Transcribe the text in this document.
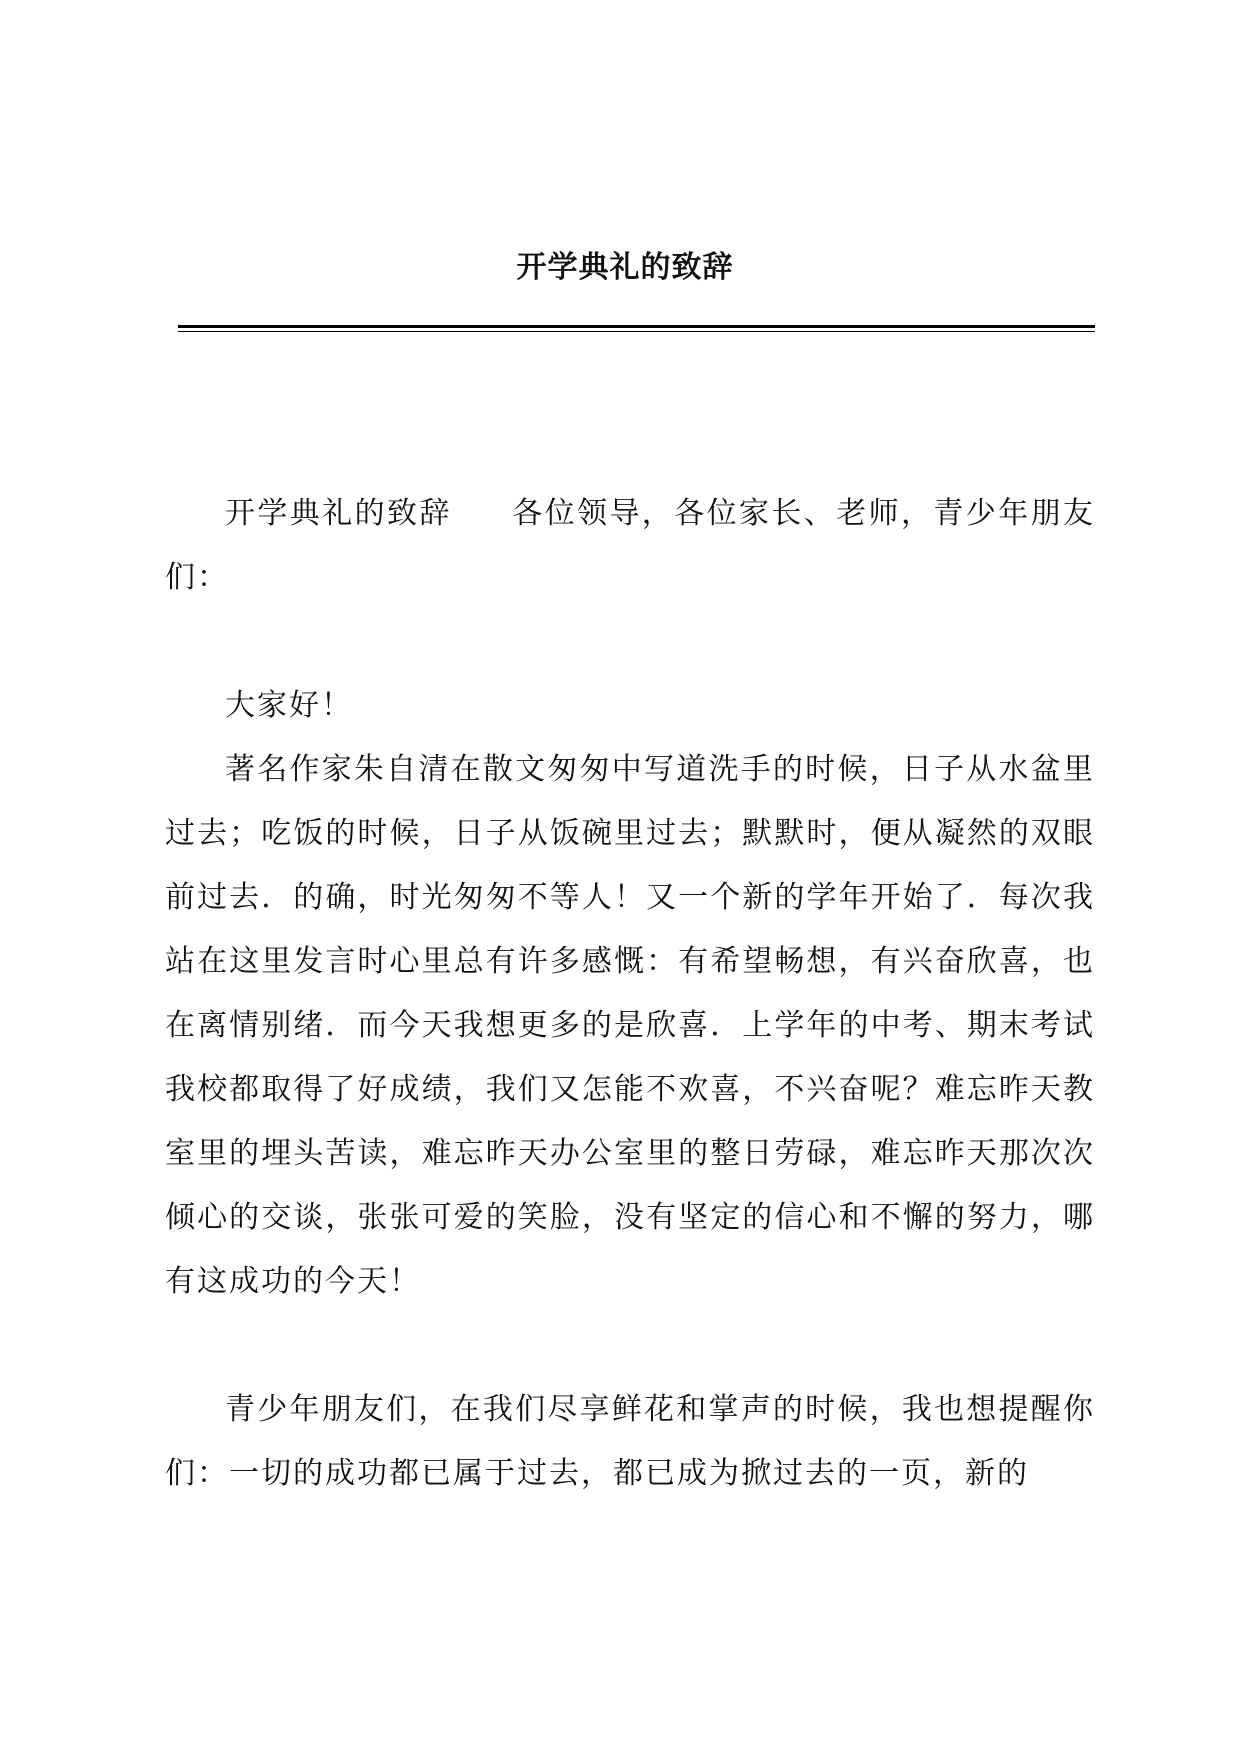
开学典礼的致辞

开学典礼的致辞 各位领导，各位家长、老师，青少年朋友们：

大家好！

著名作家朱自清在散文匆匆中写道洗手的时候，日子从水盆里过去；吃饭的时候，日子从饭碗里过去；默默时，便从凝然的双眼前过去．的确，时光匆匆不等人！又一个新的学年开始了．每次我站在这里发言时心里总有许多感慨：有希望畅想，有兴奋欣喜，也在离情别绪．而今天我想更多的是欣喜．上学年的中考、期末考试我校都取得了好成绩，我们又怎能不欢喜，不兴奋呢？难忘昨天教室里的埋头苦读，难忘昨天办公室里的整日劳碌，难忘昨天那次次倾心的交谈，张张可爱的笑脸，没有坚定的信心和不懈的努力，哪有这成功的今天！

青少年朋友们，在我们尽享鲜花和掌声的时候，我也想提醒你们：一切的成功都已属于过去，都已成为掀过去的一页，新的
